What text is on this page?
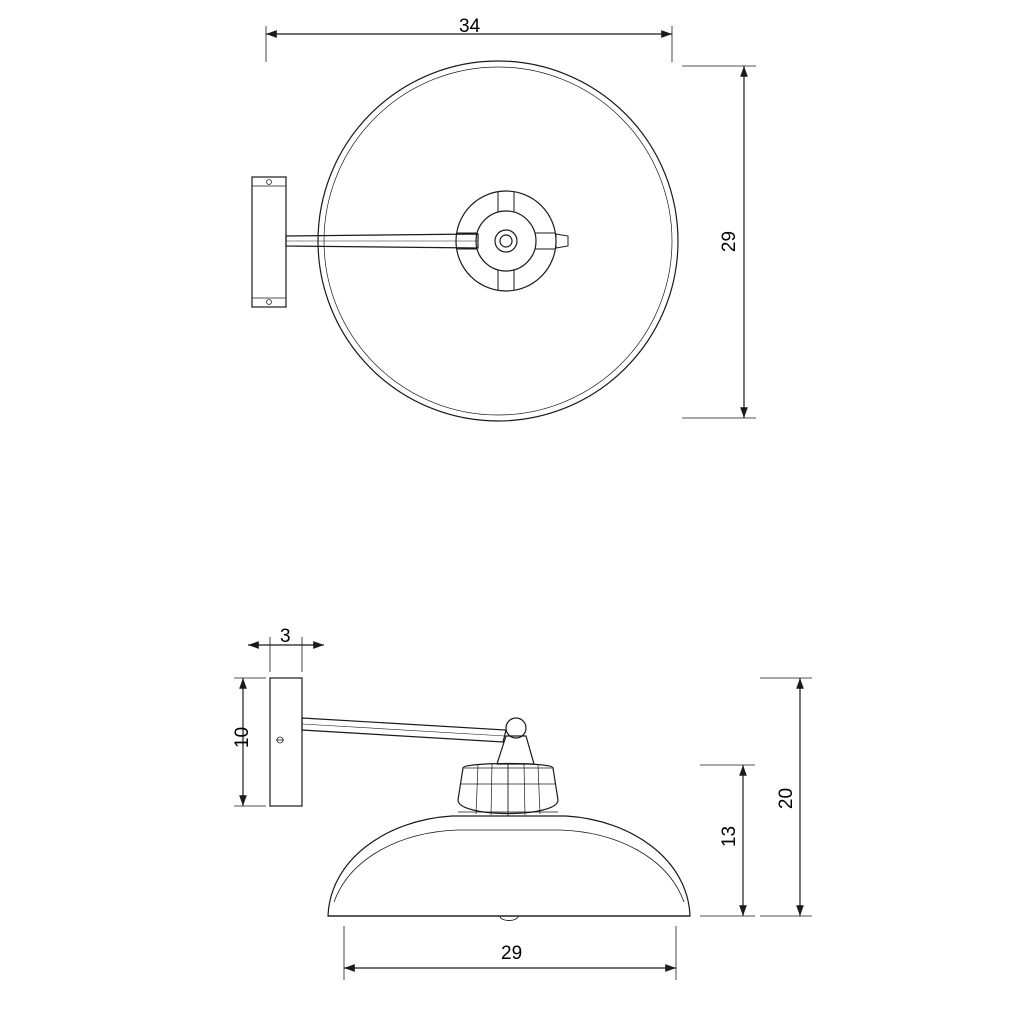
34
29
3
10
13
20
29
